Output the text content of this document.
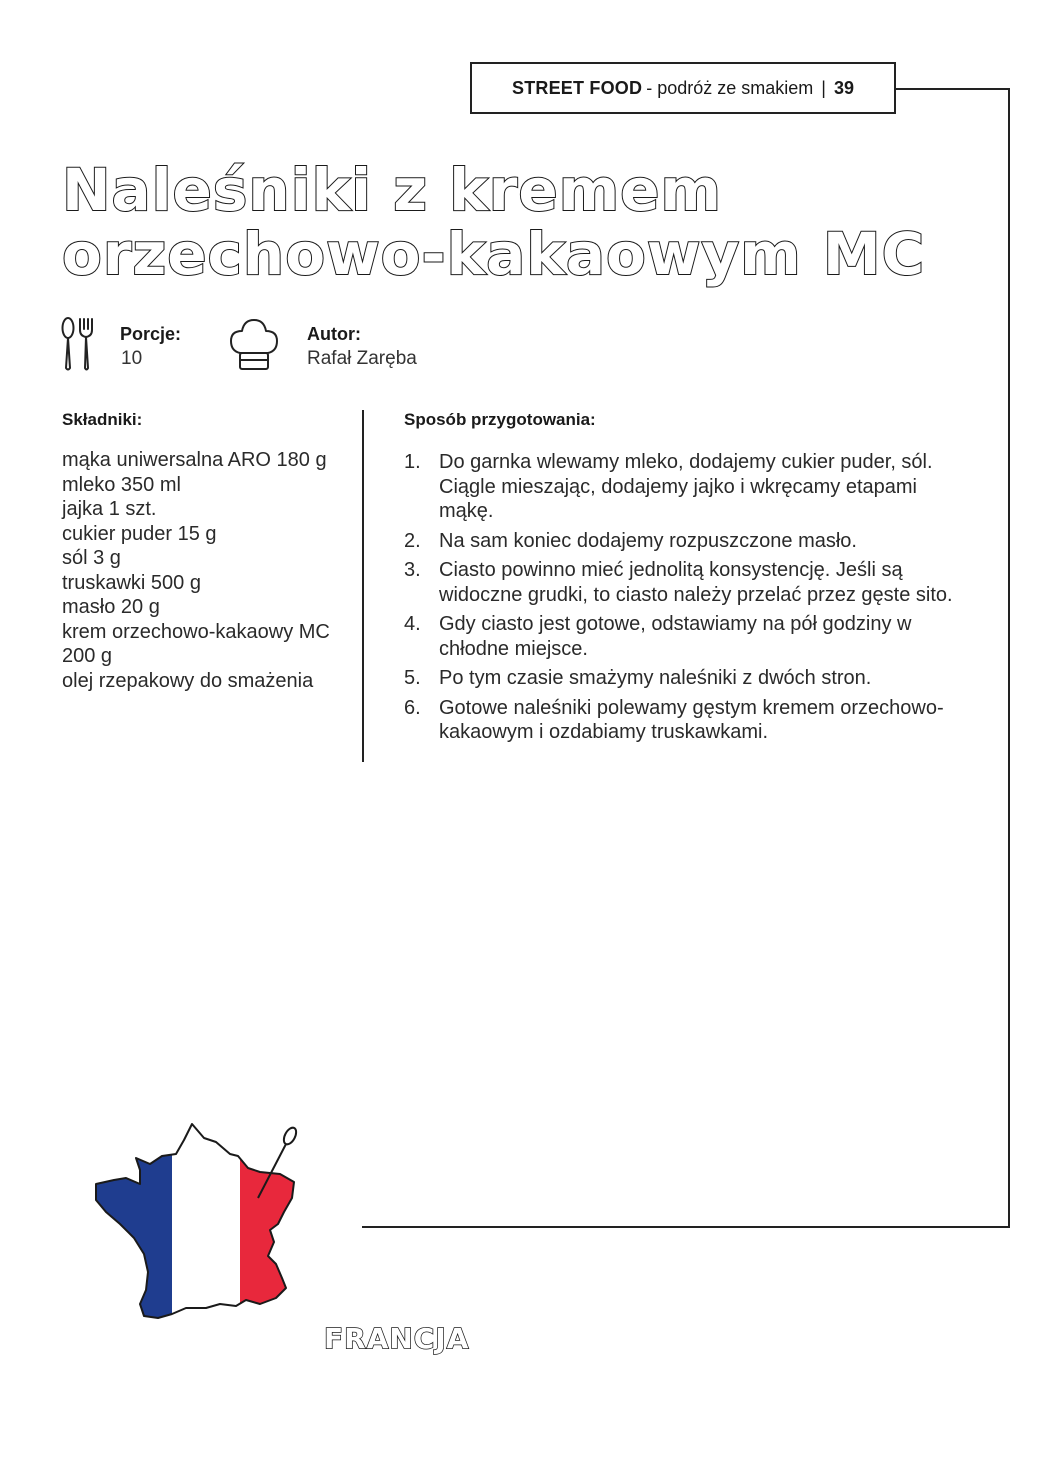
STREET FOOD - podróż ze smakiem | 39
Naleśniki z kremem
orzechowo-kakaowym MC
Porcje:
10
Autor:
Rafał Zaręba
Składniki:
mąka uniwersalna ARO 180 g
mleko 350 ml
jajka 1 szt.
cukier puder 15 g
sól 3 g
truskawki 500 g
masło 20 g
krem orzechowo-kakaowy MC 200 g
olej rzepakowy do smażenia
Sposób przygotowania:
1. Do garnka wlewamy mleko, dodajemy cukier puder, sól. Ciągle mieszając, dodajemy jajko i wkręcamy etapami mąkę.
2. Na sam koniec dodajemy rozpuszczone masło.
3. Ciasto powinno mieć jednolitą konsystencję. Jeśli są widoczne grudki, to ciasto należy przelać przez gęste sito.
4. Gdy ciasto jest gotowe, odstawiamy na pół godziny w chłodne miejsce.
5. Po tym czasie smażymy naleśniki z dwóch stron.
6. Gotowe naleśniki polewamy gęstym kremem orzechowo-kakaowym i ozdabiamy truskawkami.
FRANCJA
